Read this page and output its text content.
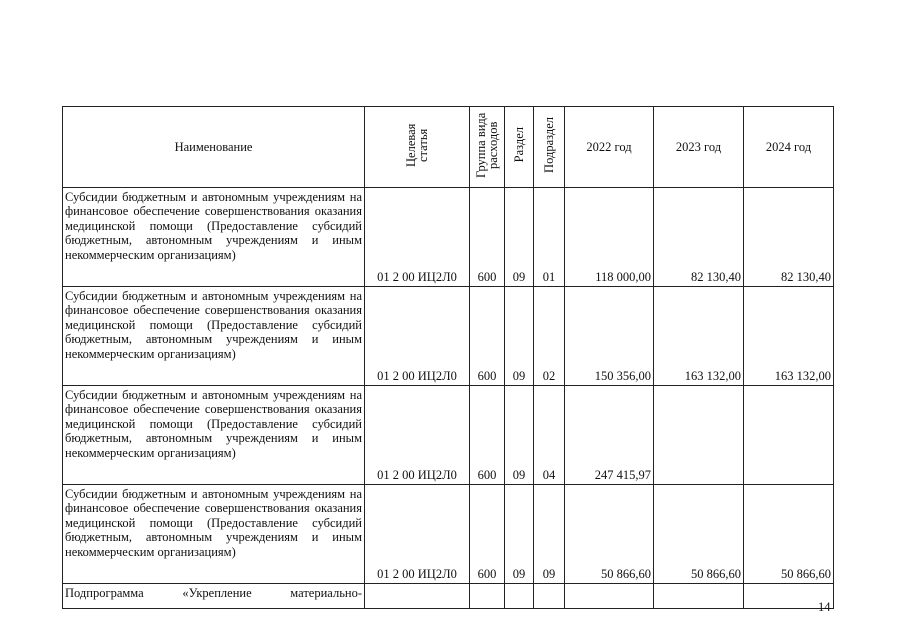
Наименование	Целевая статья	Группа вида расходов	Раздел	Подраздел	2022 год	2023 год	2024 год
Субсидии бюджетным и автономным учреждениям на финансовое обеспечение совершенствования оказания медицинской помощи (Предоставление субсидий бюджетным, автономным учреждениям и иным некоммерческим организациям)	01 2 00 ИЦ2Л0	600	09	01	118 000,00	82 130,40	82 130,40
Субсидии бюджетным и автономным учреждениям на финансовое обеспечение совершенствования оказания медицинской помощи (Предоставление субсидий бюджетным, автономным учреждениям и иным некоммерческим организациям)	01 2 00 ИЦ2Л0	600	09	02	150 356,00	163 132,00	163 132,00
Субсидии бюджетным и автономным учреждениям на финансовое обеспечение совершенствования оказания медицинской помощи (Предоставление субсидий бюджетным, автономным учреждениям и иным некоммерческим организациям)	01 2 00 ИЦ2Л0	600	09	04	247 415,97		
Субсидии бюджетным и автономным учреждениям на финансовое обеспечение совершенствования оказания медицинской помощи (Предоставление субсидий бюджетным, автономным учреждениям и иным некоммерческим организациям)	01 2 00 ИЦ2Л0	600	09	09	50 866,60	50 866,60	50 866,60
Подпрограмма «Укрепление материально-							
14
